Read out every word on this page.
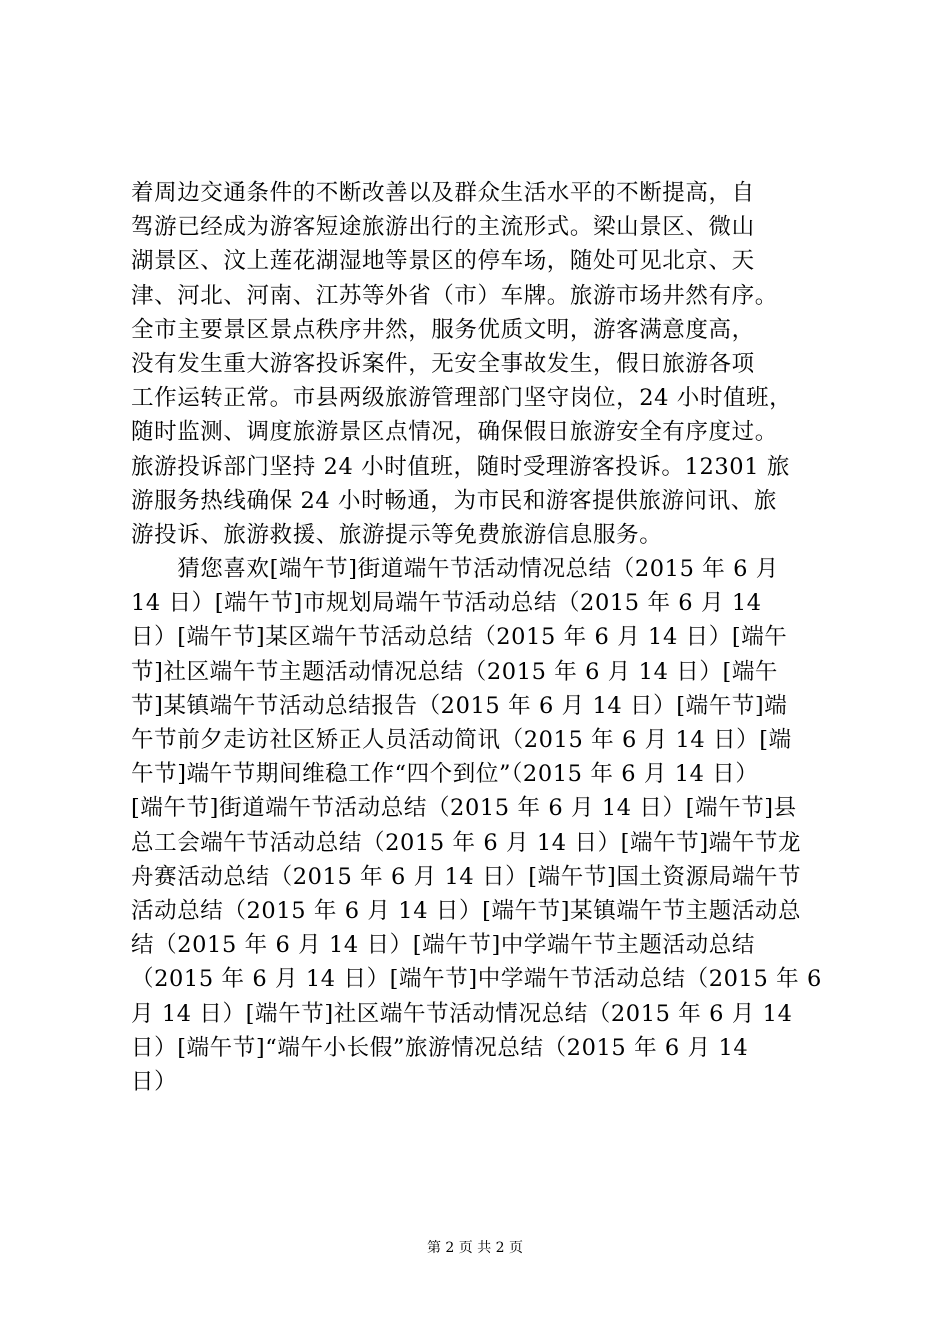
着周边交通条件的不断改善以及群众生活水平的不断提高，自
驾游已经成为游客短途旅游出行的主流形式。梁山景区、微山
湖景区、汶上莲花湖湿地等景区的停车场，随处可见北京、天
津、河北、河南、江苏等外省（市）车牌。旅游市场井然有序。
全市主要景区景点秩序井然，服务优质文明，游客满意度高，
没有发生重大游客投诉案件，无安全事故发生，假日旅游各项
工作运转正常。市县两级旅游管理部门坚守岗位，24 小时值班，
随时监测、调度旅游景区点情况，确保假日旅游安全有序度过。
旅游投诉部门坚持 24 小时值班，随时受理游客投诉。12301 旅
游服务热线确保 24 小时畅通，为市民和游客提供旅游问讯、旅
游投诉、旅游救援、旅游提示等免费旅游信息服务。
　　猜您喜欢[端午节]街道端午节活动情况总结（2015 年 6 月
14 日）[端午节]市规划局端午节活动总结（2015 年 6 月 14
日）[端午节]某区端午节活动总结（2015 年 6 月 14 日）[端午
节]社区端午节主题活动情况总结（2015 年 6 月 14 日）[端午
节]某镇端午节活动总结报告（2015 年 6 月 14 日）[端午节]端
午节前夕走访社区矫正人员活动简讯（2015 年 6 月 14 日）[端
午节]端午节期间维稳工作“四个到位”（2015 年 6 月 14 日）
[端午节]街道端午节活动总结（2015 年 6 月 14 日）[端午节]县
总工会端午节活动总结（2015 年 6 月 14 日）[端午节]端午节龙
舟赛活动总结（2015 年 6 月 14 日）[端午节]国土资源局端午节
活动总结（2015 年 6 月 14 日）[端午节]某镇端午节主题活动总
结（2015 年 6 月 14 日）[端午节]中学端午节主题活动总结
（2015 年 6 月 14 日）[端午节]中学端午节活动总结（2015 年 6
月 14 日）[端午节]社区端午节活动情况总结（2015 年 6 月 14
日）[端午节]“端午小长假”旅游情况总结（2015 年 6 月 14
日）
第 2 页 共 2 页
